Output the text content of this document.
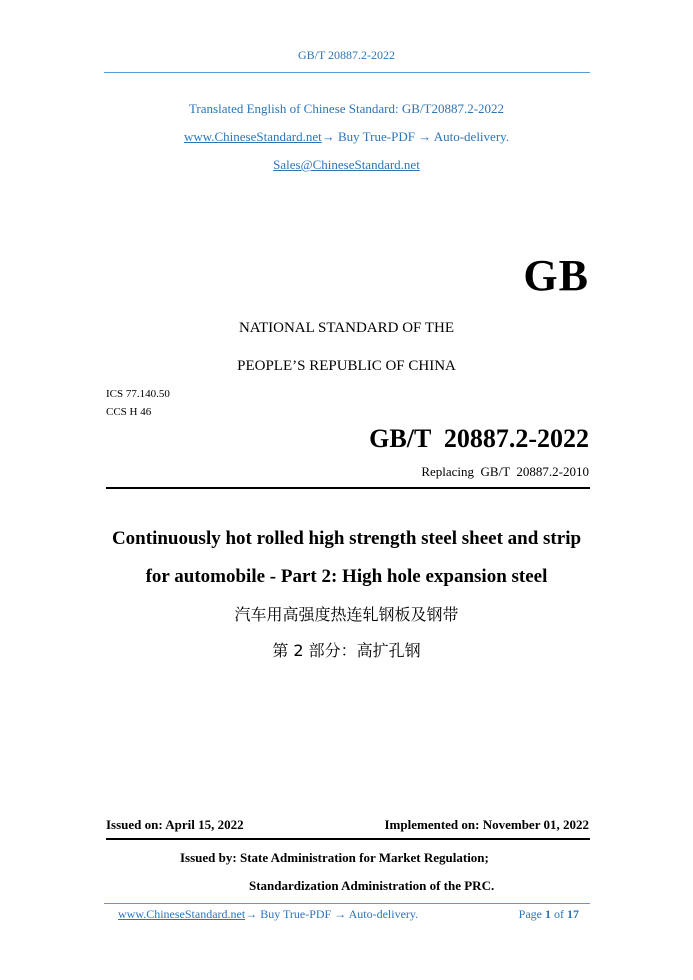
GB/T 20887.2-2022
Translated English of Chinese Standard: GB/T20887.2-2022
www.ChineseStandard.net→ Buy True-PDF → Auto-delivery.
Sales@ChineseStandard.net
GB
NATIONAL STANDARD OF THE
PEOPLE’S REPUBLIC OF CHINA
ICS 77.140.50
CCS H 46
GB/T  20887.2-2022
Replacing  GB/T  20887.2-2010
Continuously hot rolled high strength steel sheet and strip
for automobile - Part 2: High hole expansion steel
汽车用高强度热连轧钢板及钢带
第 2 部分：高扩孔钢
Issued on: April 15, 2022	Implemented on: November 01, 2022
Issued by: State Administration for Market Regulation;
Standardization Administration of the PRC.
www.ChineseStandard.net→ Buy True-PDF → Auto-delivery.	Page 1 of 17
